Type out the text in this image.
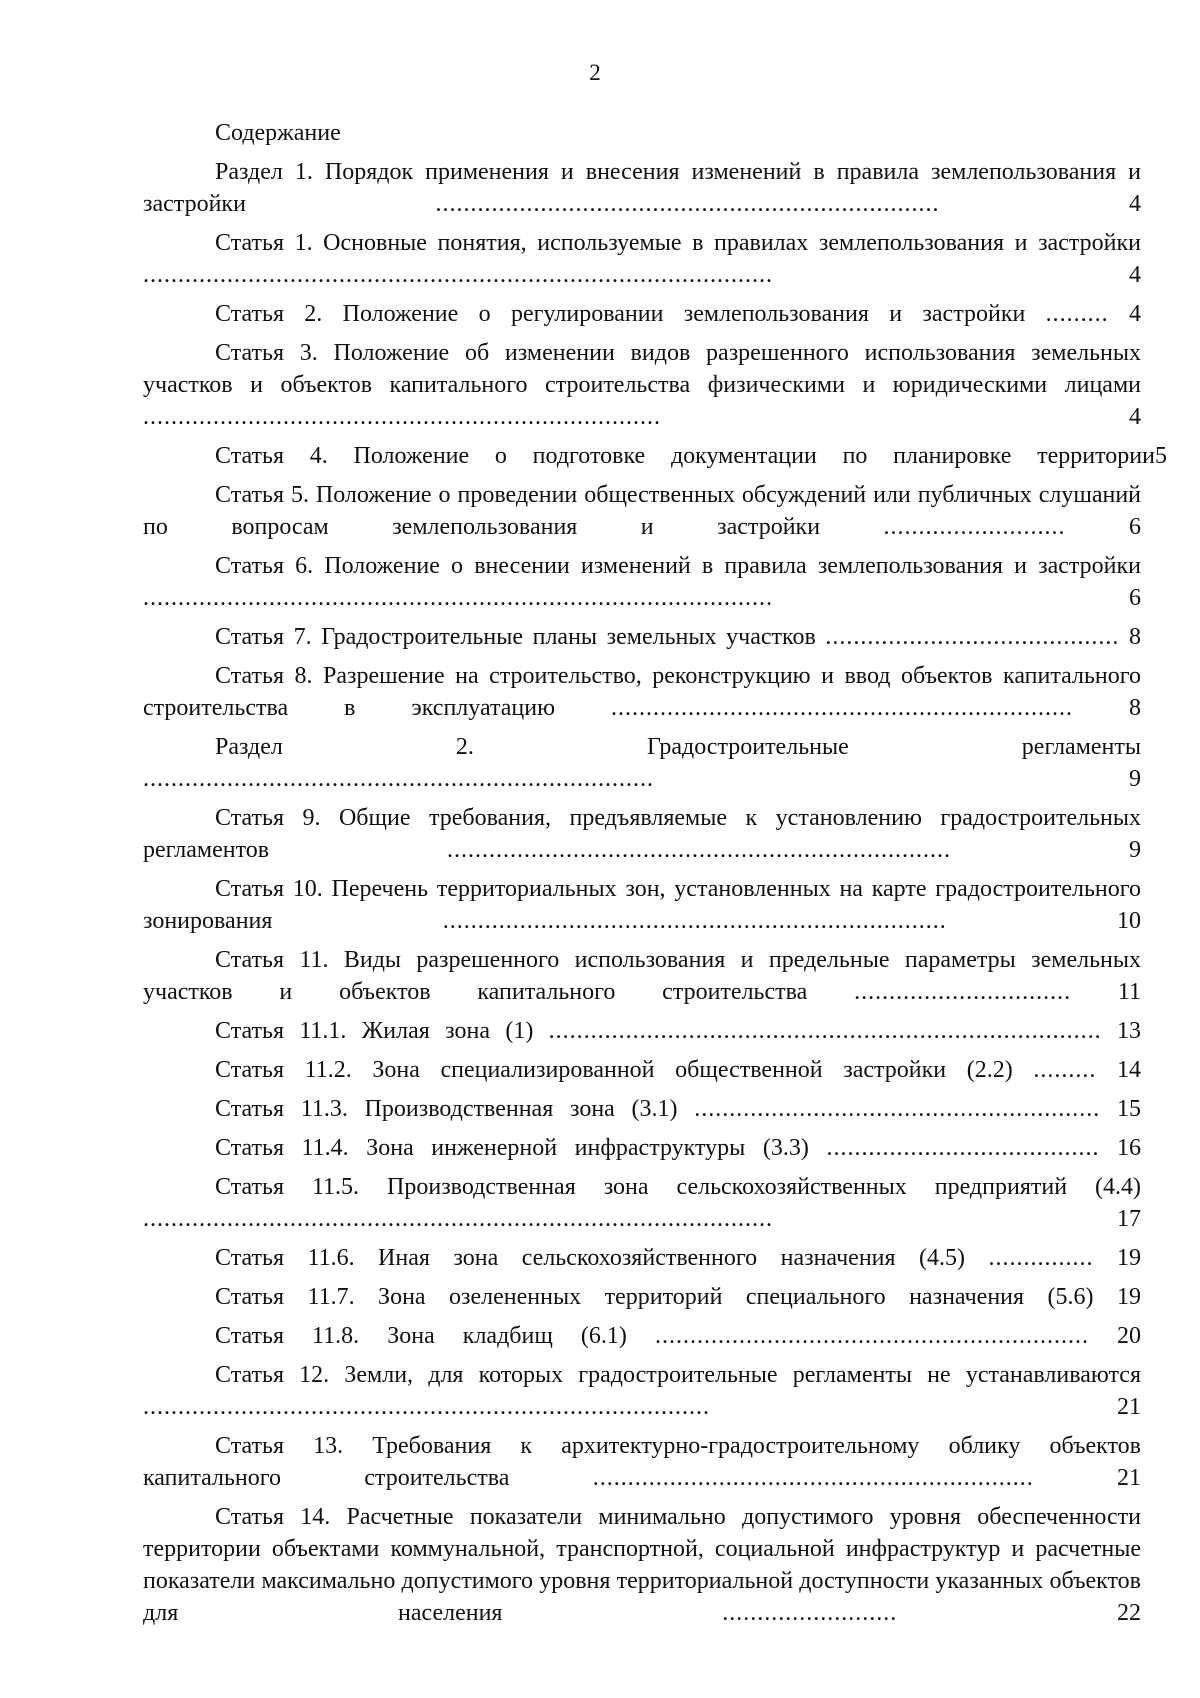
2
Содержание
Раздел 1. Порядок применения и внесения изменений в правила землепользования и застройки	........................................................................	4
Статья 1. Основные понятия, используемые в правилах землепользования и застройки ..........................................................................................	4
Статья 2. Положение о регулировании землепользования и застройки ......... 4
Статья 3. Положение об изменении видов разрешенного использования земельных участков и объектов капитального строительства физическими и юридическими лицами ..........................................................................	4
Статья 4. Положение о подготовке документации по планировке территории5
Статья 5. Положение о проведении общественных обсуждений или публичных слушаний по вопросам землепользования и застройки	..........................	6
Статья 6. Положение о внесении изменений в правила землепользования и застройки ..........................................................................................	6
Статья 7. Градостроительные планы земельных участков .......................................... 8
Статья 8. Разрешение на строительство, реконструкцию и ввод объектов капитального строительства в эксплуатацию .................................................................. 8
Раздел 2. Градостроительные регламенты .........................................................................	9
Статья 9. Общие требования, предъявляемые к установлению градостроительных регламентов	........................................................................	9
Статья 10. Перечень территориальных зон, установленных на карте градостроительного зонирования	........................................................................	10
Статья 11. Виды разрешенного использования и предельные параметры земельных участков и объектов капитального строительства ............................... 11
Статья 11.1. Жилая зона (1) ............................................................................... 13
Статья 11.2. Зона специализированной общественной застройки (2.2) ......... 14
Статья 11.3. Производственная зона (3.1) .......................................................... 15
Статья 11.4. Зона инженерной инфраструктуры (3.3) ....................................... 16
Статья 11.5. Производственная зона сельскохозяйственных предприятий (4.4) ..........................................................................................	17
Статья 11.6. Иная зона сельскохозяйственного назначения (4.5) ............... 19
Статья 11.7. Зона озелененных территорий специального назначения (5.6) 19
Статья 11.8. Зона кладбищ (6.1) .............................................................. 20
Статья 12. Земли, для которых градостроительные регламенты не устанавливаются .................................................................................	21
Статья 13. Требования к архитектурно-градостроительному облику объектов капитального строительства	...............................................................	21
Статья 14. Расчетные показатели минимально допустимого уровня обеспеченности территории объектами коммунальной, транспортной, социальной инфраструктур и расчетные показатели максимально допустимого уровня территориальной доступности указанных объектов для населения	.........................	22
